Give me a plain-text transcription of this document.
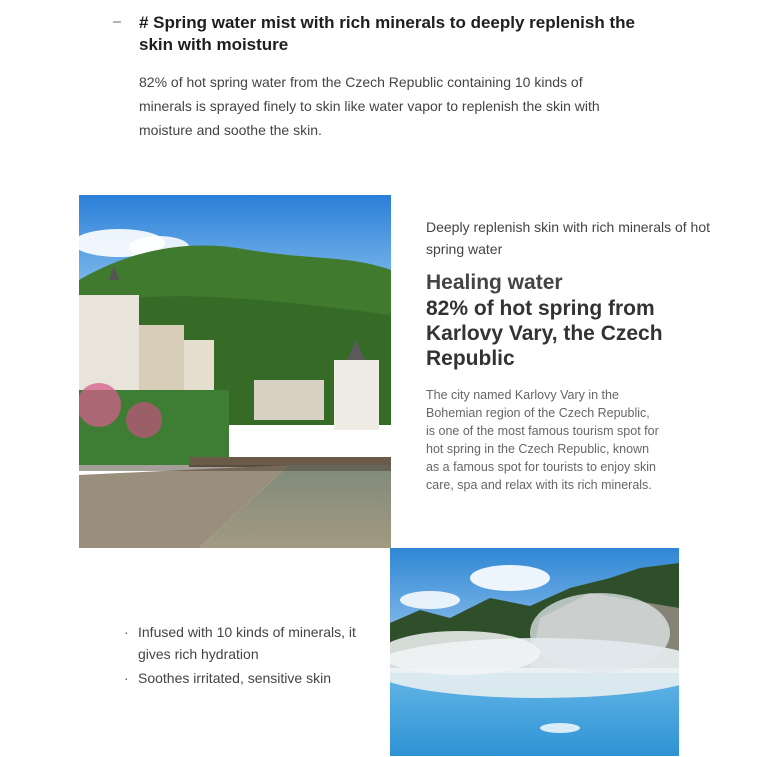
# Spring water mist with rich minerals to deeply replenish the skin with moisture

82% of hot spring water from the Czech Republic containing 10 kinds of minerals is sprayed finely to skin like water vapor to replenish the skin with moisture and soothe the skin.

Deeply replenish skin with rich minerals of hot spring water

Healing water
82% of hot spring from Karlovy Vary, the Czech Republic

The city named Karlovy Vary in the Bohemian region of the Czech Republic, is one of the most famous tourism spot for hot spring in the Czech Republic, known as a famous spot for tourists to enjoy skin care, spa and relax with its rich minerals.

· Infused with 10 kinds of minerals, it gives rich hydration
· Soothes irritated, sensitive skin
